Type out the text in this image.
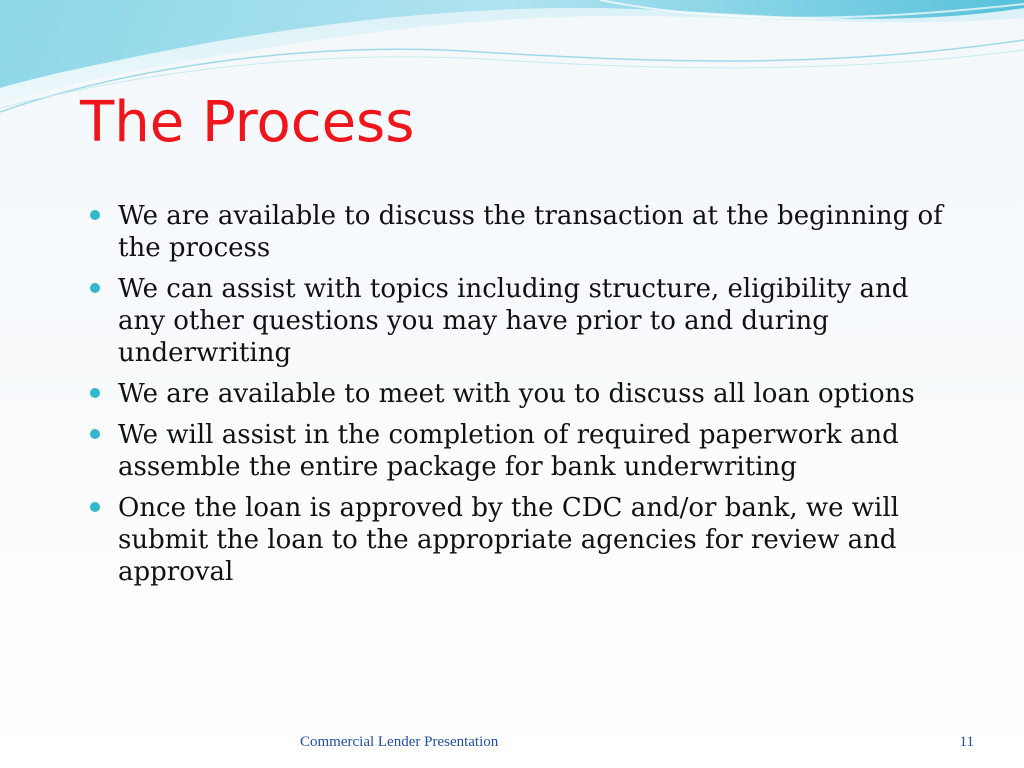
The Process
We are available to discuss the transaction at the beginning of the process
We can assist with topics including structure, eligibility and any other questions you may have prior to and during underwriting
We are available to meet with you to discuss all loan options
We will assist in the completion of required paperwork and assemble the entire package for bank underwriting
Once the loan is approved by the CDC and/or bank, we will submit the loan to the appropriate agencies for review and approval
Commercial Lender Presentation	11
